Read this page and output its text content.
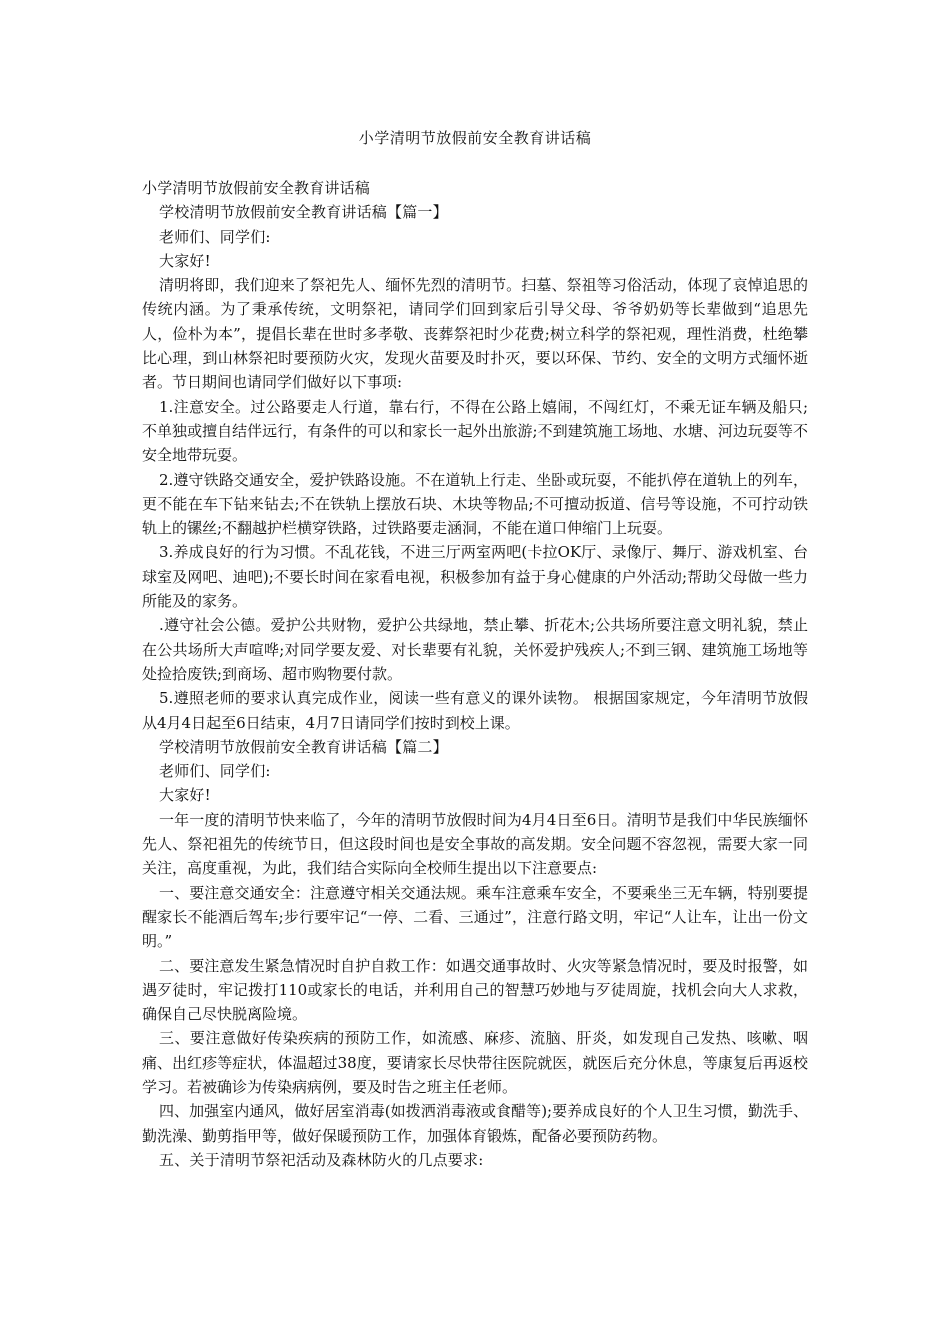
小学清明节放假前安全教育讲话稿
小学清明节放假前安全教育讲话稿
学校清明节放假前安全教育讲话稿【篇一】
老师们、同学们:
大家好!
清明将即，我们迎来了祭祀先人、缅怀先烈的清明节。扫墓、祭祖等习俗活动，体现了哀悼追思的传统内涵。为了秉承传统，文明祭祀，请同学们回到家后引导父母、爷爷奶奶等长辈做到“追思先人，俭朴为本”，提倡长辈在世时多孝敬、丧葬祭祀时少花费;树立科学的祭祀观，理性消费，杜绝攀比心理，到山林祭祀时要预防火灾，发现火苗要及时扑灭，要以环保、节约、安全的文明方式缅怀逝者。节日期间也请同学们做好以下事项:
1.注意安全。过公路要走人行道，靠右行，不得在公路上嬉闹，不闯红灯，不乘无证车辆及船只;不单独或擅自结伴远行，有条件的可以和家长一起外出旅游;不到建筑施工场地、水塘、河边玩耍等不安全地带玩耍。
2.遵守铁路交通安全，爱护铁路设施。不在道轨上行走、坐卧或玩耍，不能扒停在道轨上的列车，更不能在车下钻来钻去;不在铁轨上摆放石块、木块等物品;不可擅动扳道、信号等设施，不可拧动铁轨上的镙丝;不翻越护栏横穿铁路，过铁路要走涵洞，不能在道口伸缩门上玩耍。
3.养成良好的行为习惯。不乱花钱，不进三厅两室两吧(卡拉OK厅、录像厅、舞厅、游戏机室、台球室及网吧、迪吧);不要长时间在家看电视，积极参加有益于身心健康的户外活动;帮助父母做一些力所能及的家务。
.遵守社会公德。爱护公共财物，爱护公共绿地，禁止攀、折花木;公共场所要注意文明礼貌，禁止在公共场所大声喧哗;对同学要友爱、对长辈要有礼貌，关怀爱护残疾人;不到三钢、建筑施工场地等处捡拾废铁;到商场、超市购物要付款。
5.遵照老师的要求认真完成作业，阅读一些有意义的课外读物。 根据国家规定，今年清明节放假从4月4日起至6日结束，4月7日请同学们按时到校上课。
学校清明节放假前安全教育讲话稿【篇二】
老师们、同学们:
大家好!
一年一度的清明节快来临了，今年的清明节放假时间为4月4日至6日。清明节是我们中华民族缅怀先人、祭祀祖先的传统节日，但这段时间也是安全事故的高发期。安全问题不容忽视，需要大家一同关注，高度重视，为此，我们结合实际向全校师生提出以下注意要点:
一、要注意交通安全：注意遵守相关交通法规。乘车注意乘车安全，不要乘坐三无车辆，特别要提醒家长不能酒后驾车;步行要牢记“一停、二看、三通过”，注意行路文明，牢记“人让车，让出一份文明。”
二、要注意发生紧急情况时自护自救工作：如遇交通事故时、火灾等紧急情况时，要及时报警，如遇歹徒时，牢记拨打110或家长的电话，并利用自己的智慧巧妙地与歹徒周旋，找机会向大人求救，确保自己尽快脱离险境。
三、要注意做好传染疾病的预防工作，如流感、麻疹、流脑、肝炎，如发现自己发热、咳嗽、咽痛、出红疹等症状，体温超过38度，要请家长尽快带往医院就医，就医后充分休息，等康复后再返校学习。若被确诊为传染病病例，要及时告之班主任老师。
四、加强室内通风，做好居室消毒(如拨洒消毒液或食醋等);要养成良好的个人卫生习惯，勤洗手、勤洗澡、勤剪指甲等，做好保暖预防工作，加强体育锻炼，配备必要预防药物。
五、关于清明节祭祀活动及森林防火的几点要求:
